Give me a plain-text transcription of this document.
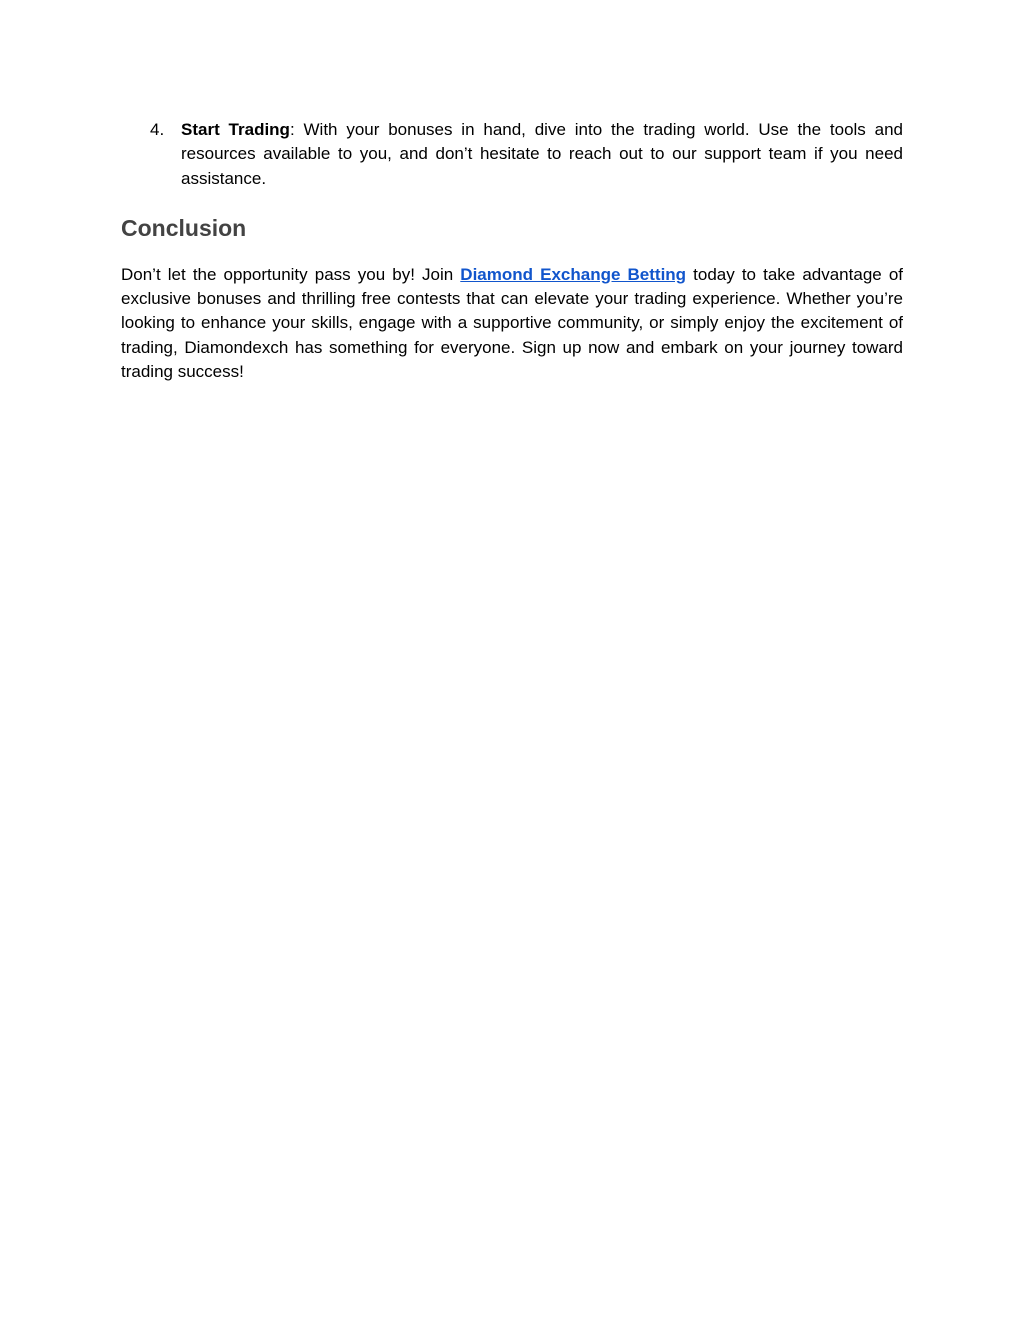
4. Start Trading: With your bonuses in hand, dive into the trading world. Use the tools and resources available to you, and don’t hesitate to reach out to our support team if you need assistance.
Conclusion

Don’t let the opportunity pass you by! Join Diamond Exchange Betting today to take advantage of exclusive bonuses and thrilling free contests that can elevate your trading experience. Whether you’re looking to enhance your skills, engage with a supportive community, or simply enjoy the excitement of trading, Diamondexch has something for everyone. Sign up now and embark on your journey toward trading success!
